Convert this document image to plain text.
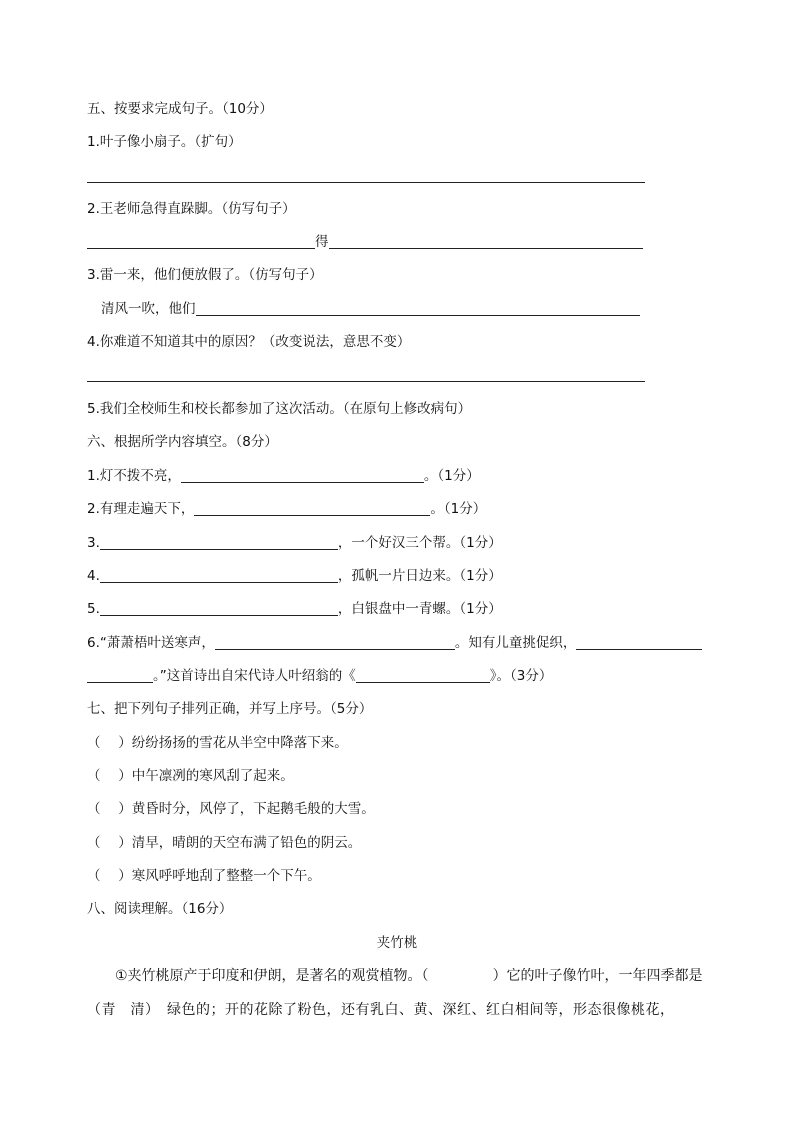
五、按要求完成句子。（10分）
1.叶子像小扇子。（扩句）
2.王老师急得直跺脚。（仿写句子）
得
3.雷一来，他们便放假了。（仿写句子）
清风一吹，他们
4.你难道不知道其中的原因？（改变说法，意思不变）
5.我们全校师生和校长都参加了这次活动。（在原句上修改病句）
六、根据所学内容填空。（8分）
1.灯不拨不亮，	。（1分）
2.有理走遍天下，	。（1分）
3.	，一个好汉三个帮。（1分）
4.	，孤帆一片日边来。（1分）
5.	，白银盘中一青螺。（1分）
6.“萧萧梧叶送寒声，	。知有儿童挑促织，
。”这首诗出自宋代诗人叶绍翁的《	》。（3分）
七、把下列句子排列正确，并写上序号。（5分）
（　 ）纷纷扬扬的雪花从半空中降落下来。
（　 ）中午凛冽的寒风刮了起来。
（　 ）黄昏时分，风停了，下起鹅毛般的大雪。
（　 ）清早，晴朗的天空布满了铅色的阴云。
（　 ）寒风呼呼地刮了整整一个下午。
八、阅读理解。（16分）
夹竹桃
①夹竹桃原产于印度和伊朗，是著名的观赏植物。（	）它的叶子像竹叶，一年四季都是
（青　清）　绿色的；开的花除了粉色，还有乳白、黄、深红、红白相间等，形态很像桃花，
